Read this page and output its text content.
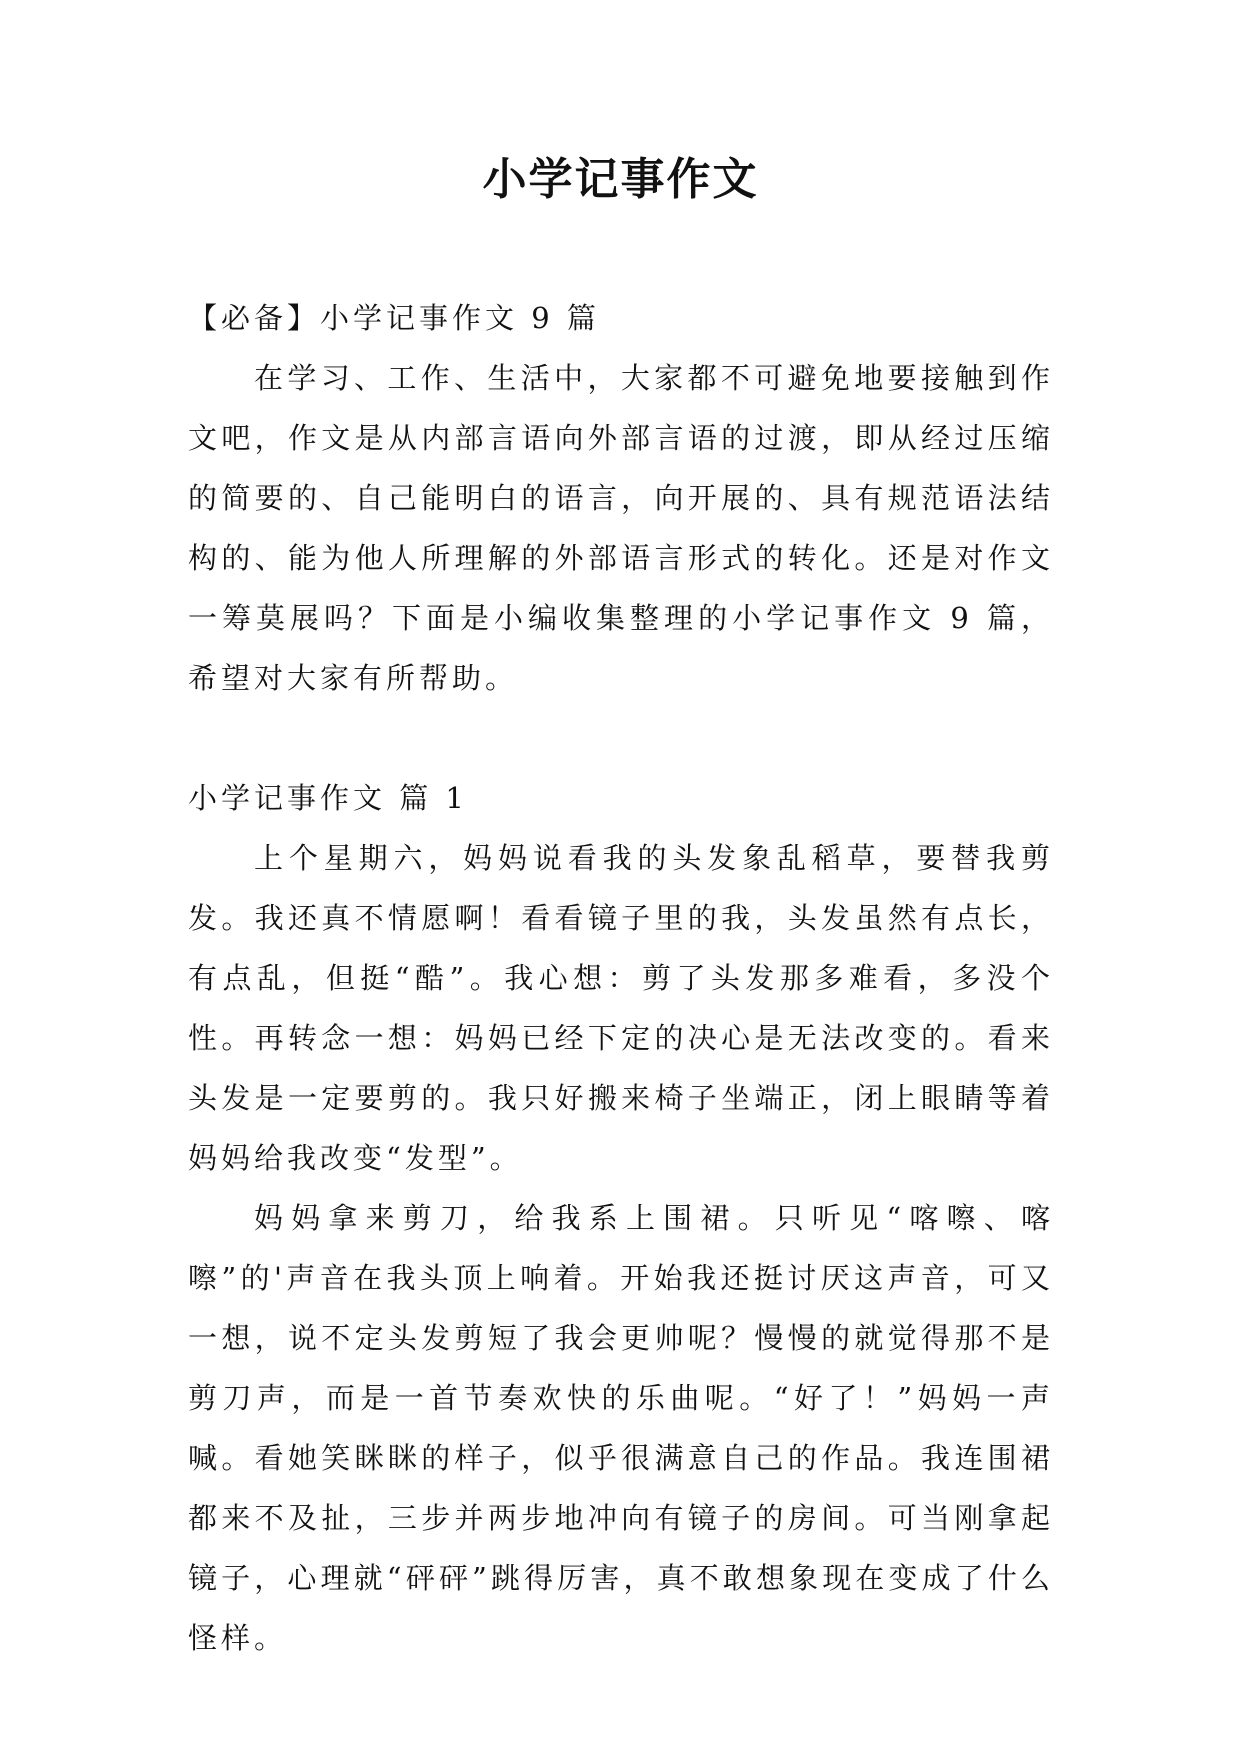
小学记事作文

【必备】小学记事作文 9 篇

在学习、工作、生活中，大家都不可避免地要接触到作文吧，作文是从内部言语向外部言语的过渡，即从经过压缩的简要的、自己能明白的语言，向开展的、具有规范语法结构的、能为他人所理解的外部语言形式的转化。还是对作文一筹莫展吗？下面是小编收集整理的小学记事作文 9 篇，希望对大家有所帮助。

小学记事作文 篇 1

上个星期六，妈妈说看我的头发象乱稻草，要替我剪发。我还真不情愿啊！看看镜子里的我，头发虽然有点长，有点乱，但挺“酷”。我心想：剪了头发那多难看，多没个性。再转念一想：妈妈已经下定的决心是无法改变的。看来头发是一定要剪的。我只好搬来椅子坐端正，闭上眼睛等着妈妈给我改变“发型”。

妈妈拿来剪刀，给我系上围裙。只听见“喀嚓、喀嚓”的'声音在我头顶上响着。开始我还挺讨厌这声音，可又一想，说不定头发剪短了我会更帅呢？慢慢的就觉得那不是剪刀声，而是一首节奏欢快的乐曲呢。“好了！”妈妈一声喊。看她笑眯眯的样子，似乎很满意自己的作品。我连围裙都来不及扯，三步并两步地冲向有镜子的房间。可当刚拿起镜子，心理就“砰砰”跳得厉害，真不敢想象现在变成了什么怪样。
